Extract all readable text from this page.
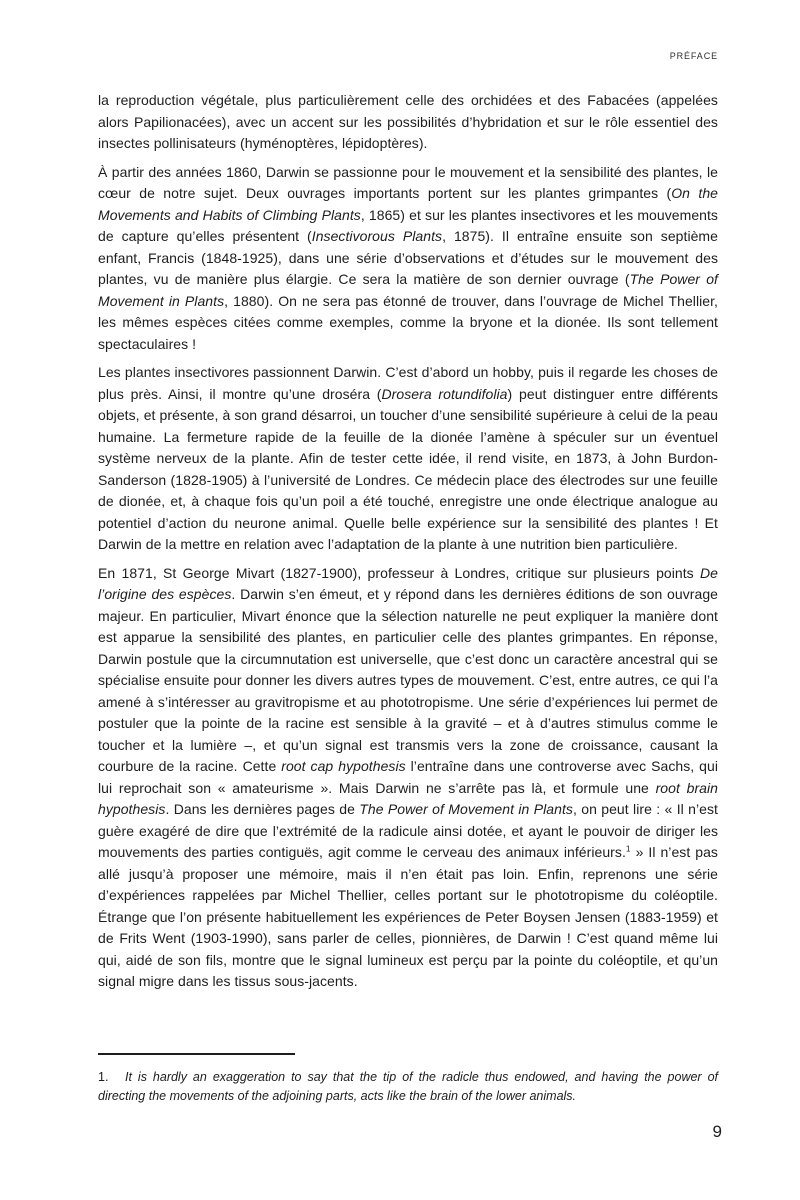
PRÉFACE

la reproduction végétale, plus particulièrement celle des orchidées et des Fabacées (appelées alors Papilionacées), avec un accent sur les possibilités d’hybridation et sur le rôle essentiel des insectes pollinisateurs (hyménoptères, lépidoptères).

À partir des années 1860, Darwin se passionne pour le mouvement et la sensibilité des plantes, le cœur de notre sujet. Deux ouvrages importants portent sur les plantes grimpantes (On the Movements and Habits of Climbing Plants, 1865) et sur les plantes insectivores et les mouvements de capture qu’elles présentent (Insectivorous Plants, 1875). Il entraîne ensuite son septième enfant, Francis (1848-1925), dans une série d’observations et d’études sur le mouvement des plantes, vu de manière plus élargie. Ce sera la matière de son dernier ouvrage (The Power of Movement in Plants, 1880). On ne sera pas étonné de trouver, dans l’ouvrage de Michel Thellier, les mêmes espèces citées comme exemples, comme la bryone et la dionée. Ils sont tellement spectaculaires !

Les plantes insectivores passionnent Darwin. C’est d’abord un hobby, puis il regarde les choses de plus près. Ainsi, il montre qu’une droséra (Drosera rotundifolia) peut distinguer entre différents objets, et présente, à son grand désarroi, un toucher d’une sensibilité supérieure à celui de la peau humaine. La fermeture rapide de la feuille de la dionée l’amène à spéculer sur un éventuel système nerveux de la plante. Afin de tester cette idée, il rend visite, en 1873, à John Burdon-Sanderson (1828-1905) à l’université de Londres. Ce médecin place des électrodes sur une feuille de dionée, et, à chaque fois qu’un poil a été touché, enregistre une onde électrique analogue au potentiel d’action du neurone animal. Quelle belle expérience sur la sensibilité des plantes ! Et Darwin de la mettre en relation avec l’adaptation de la plante à une nutrition bien particulière.

En 1871, St George Mivart (1827-1900), professeur à Londres, critique sur plusieurs points De l’origine des espèces. Darwin s’en émeut, et y répond dans les dernières éditions de son ouvrage majeur. En particulier, Mivart énonce que la sélection naturelle ne peut expliquer la manière dont est apparue la sensibilité des plantes, en particulier celle des plantes grimpantes. En réponse, Darwin postule que la circumnutation est universelle, que c’est donc un caractère ancestral qui se spécialise ensuite pour donner les divers autres types de mouvement. C’est, entre autres, ce qui l’a amené à s’intéresser au gravitropisme et au phototropisme. Une série d’expériences lui permet de postuler que la pointe de la racine est sensible à la gravité – et à d’autres stimulus comme le toucher et la lumière –, et qu’un signal est transmis vers la zone de croissance, causant la courbure de la racine. Cette root cap hypothesis l’entraîne dans une controverse avec Sachs, qui lui reprochait son « amateurisme ». Mais Darwin ne s’arrête pas là, et formule une root brain hypothesis. Dans les dernières pages de The Power of Movement in Plants, on peut lire : « Il n’est guère exagéré de dire que l’extrémité de la radicule ainsi dotée, et ayant le pouvoir de diriger les mouvements des parties contiguës, agit comme le cerveau des animaux inférieurs.$^1$ » Il n’est pas allé jusqu’à proposer une mémoire, mais il n’en était pas loin. Enfin, reprenons une série d’expériences rappelées par Michel Thellier, celles portant sur le phototropisme du coléoptile. Étrange que l’on présente habituellement les expériences de Peter Boysen Jensen (1883-1959) et de Frits Went (1903-1990), sans parler de celles, pionnières, de Darwin ! C’est quand même lui qui, aidé de son fils, montre que le signal lumineux est perçu par la pointe du coléoptile, et qu’un signal migre dans les tissus sous-jacents.

1. It is hardly an exaggeration to say that the tip of the radicle thus endowed, and having the power of directing the movements of the adjoining parts, acts like the brain of the lower animals.

9
